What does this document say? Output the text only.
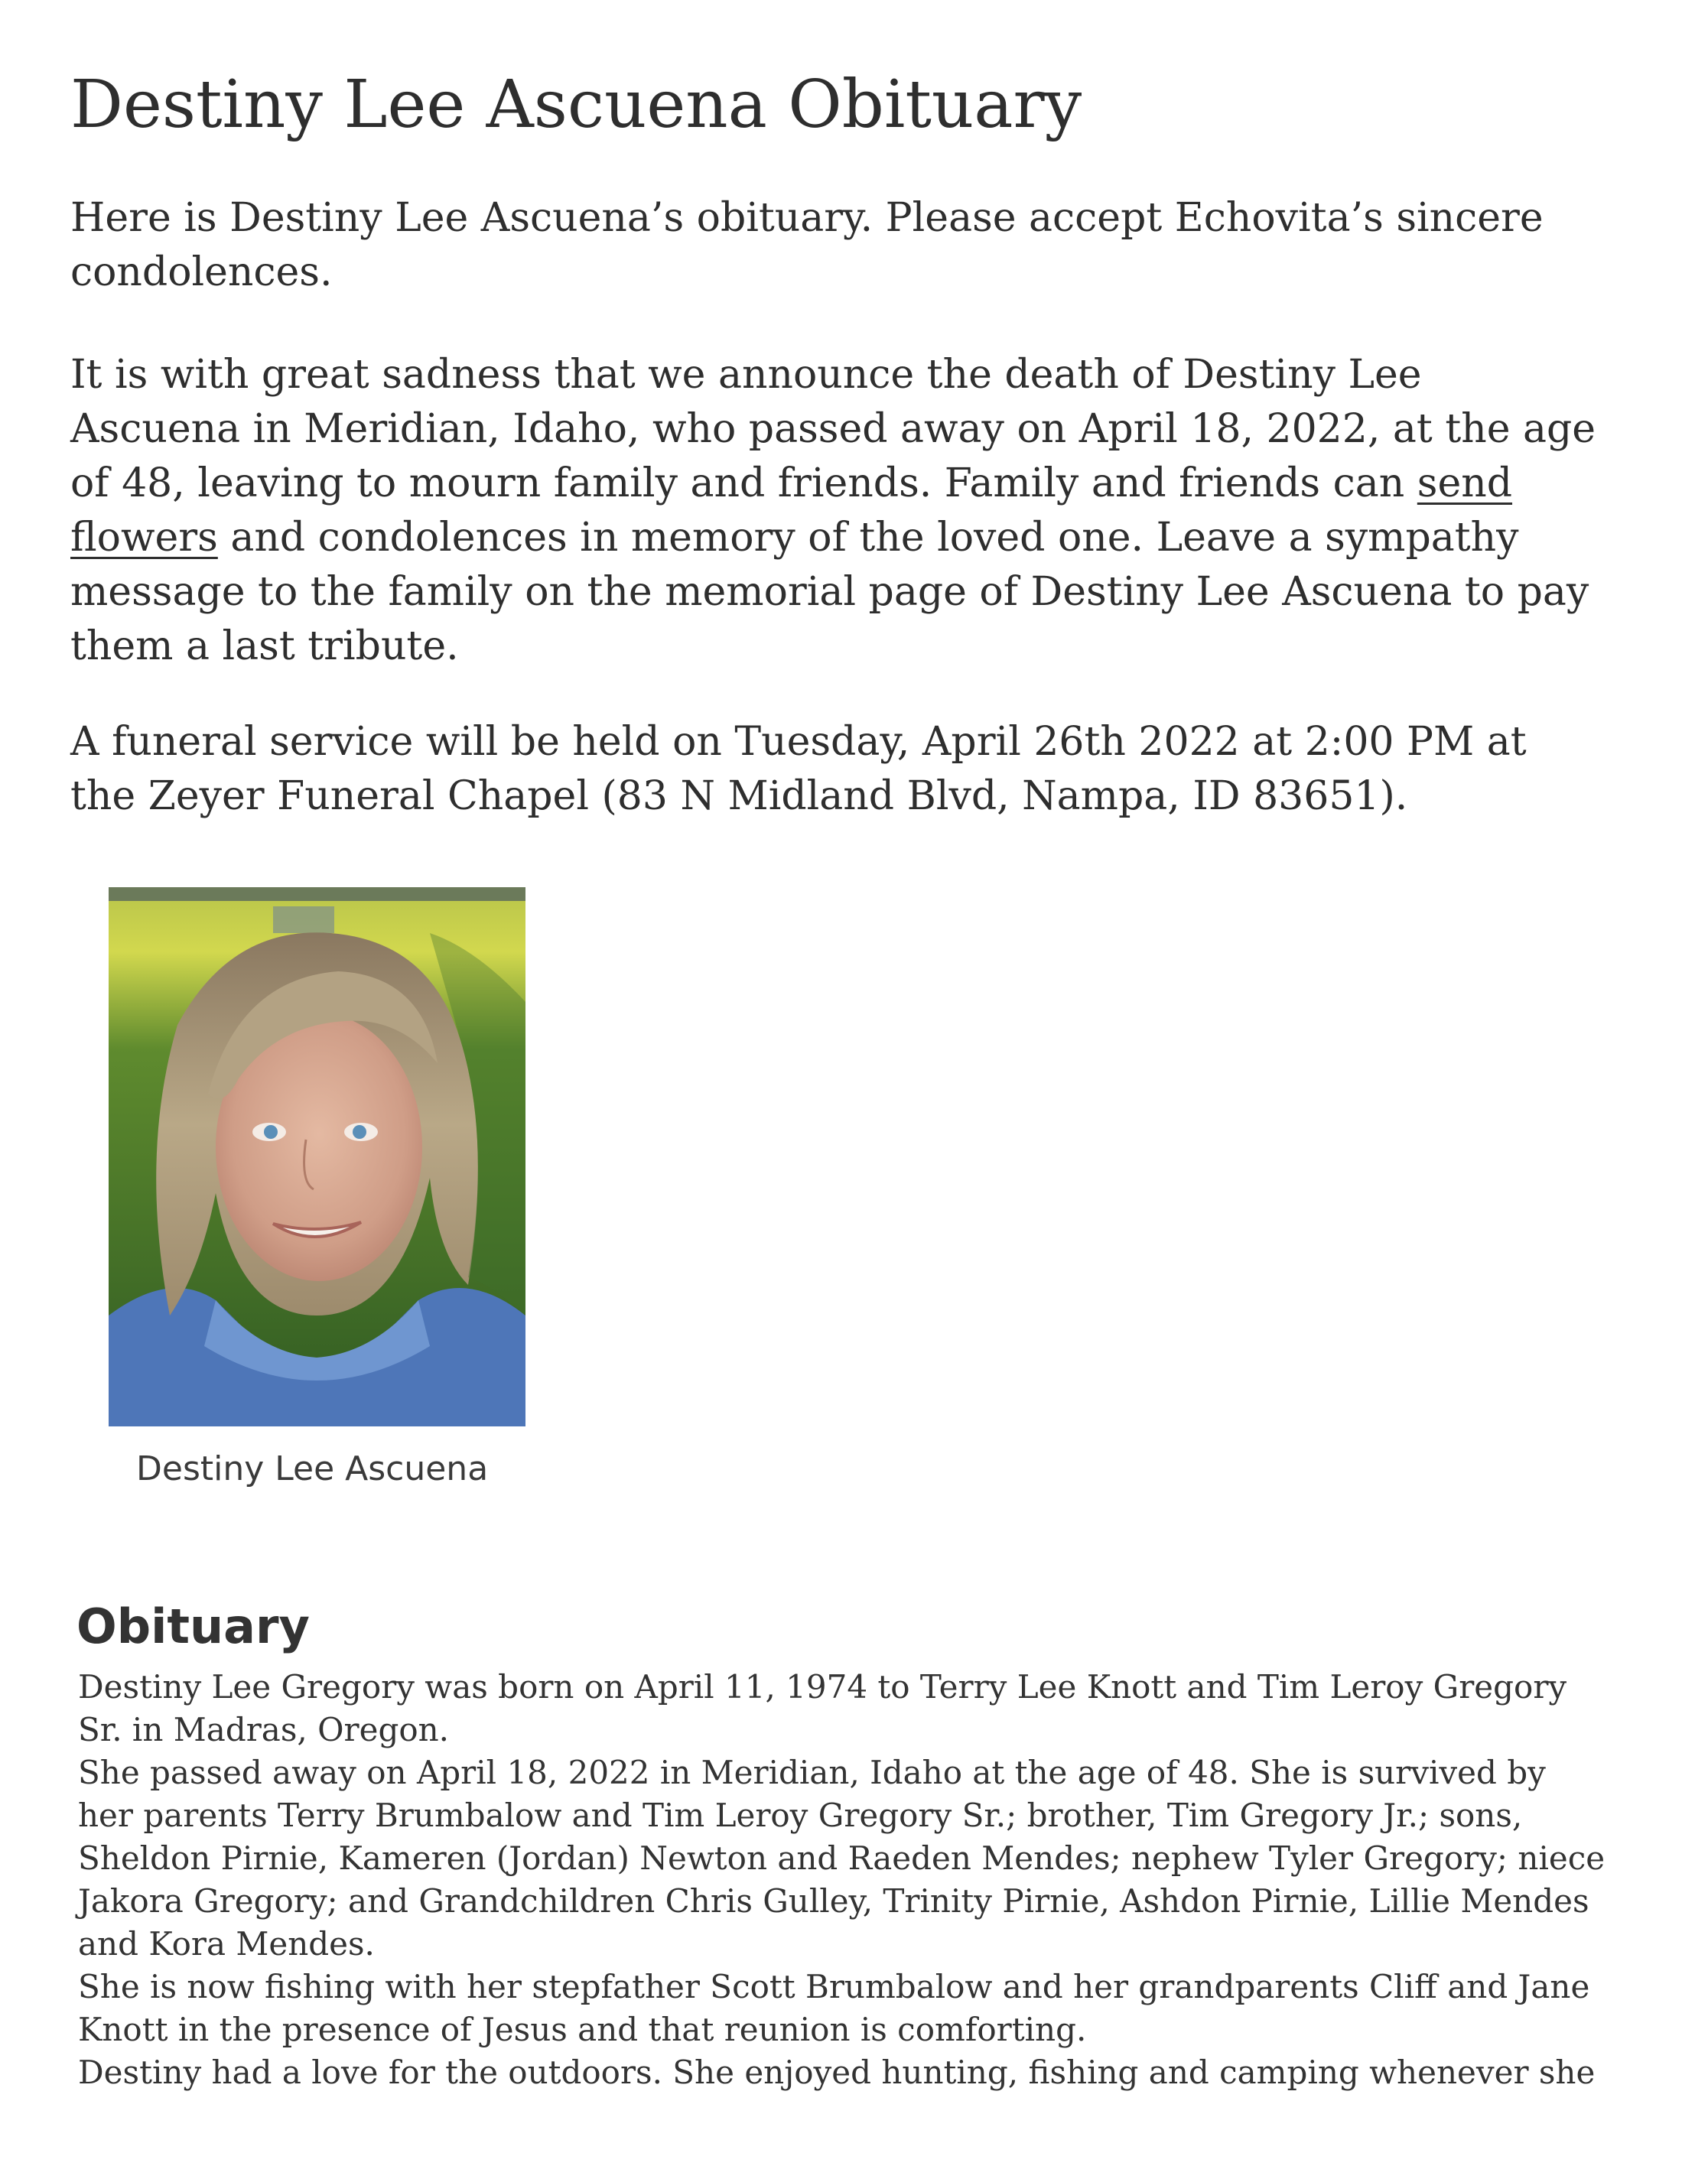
Destiny Lee Ascuena Obituary

Here is Destiny Lee Ascuena’s obituary. Please accept Echovita’s sincere condolences.

It is with great sadness that we announce the death of Destiny Lee Ascuena in Meridian, Idaho, who passed away on April 18, 2022, at the age of 48, leaving to mourn family and friends. Family and friends can send flowers and condolences in memory of the loved one. Leave a sympathy message to the family on the memorial page of Destiny Lee Ascuena to pay them a last tribute.

A funeral service will be held on Tuesday, April 26th 2022 at 2:00 PM at the Zeyer Funeral Chapel (83 N Midland Blvd, Nampa, ID 83651).

Destiny Lee Ascuena

Obituary

Destiny Lee Gregory was born on April 11, 1974 to Terry Lee Knott and Tim Leroy Gregory Sr. in Madras, Oregon.

She passed away on April 18, 2022 in Meridian, Idaho at the age of 48. She is survived by her parents Terry Brumbalow and Tim Leroy Gregory Sr.; brother, Tim Gregory Jr.; sons, Sheldon Pirnie, Kameren (Jordan) Newton and Raeden Mendes; nephew Tyler Gregory; niece Jakora Gregory; and Grandchildren Chris Gulley, Trinity Pirnie, Ashdon Pirnie, Lillie Mendes and Kora Mendes.

She is now fishing with her stepfather Scott Brumbalow and her grandparents Cliff and Jane Knott in the presence of Jesus and that reunion is comforting.

Destiny had a love for the outdoors. She enjoyed hunting, fishing and camping whenever she
